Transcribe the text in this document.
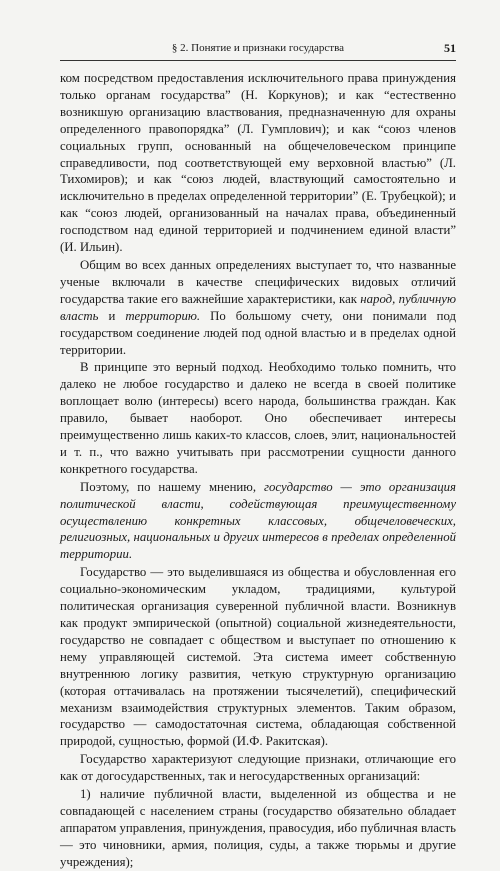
§ 2. Понятие и признаки государства	51

ком посредством предоставления исключительного права принуждения только органам государства” (Н. Коркунов); и как “естественно возникшую организацию властвования, предназначенную для охраны определенного правопорядка” (Л. Гумплович); и как “союз членов социальных групп, основанный на общечеловеческом принципе справедливости, под соответствующей ему верховной властью” (Л. Тихомиров); и как “союз людей, властвующий самостоятельно и исключительно в пределах определенной территории” (Е. Трубецкой); и как “союз людей, организованный на началах права, объединенный господством над единой территорией и подчинением единой власти” (И. Ильин).

Общим во всех данных определениях выступает то, что названные ученые включали в качестве специфических видовых отличий государства такие его важнейшие характеристики, как народ, публичную власть и территорию. По большому счету, они понимали под государством соединение людей под одной властью и в пределах одной территории.

В принципе это верный подход. Необходимо только помнить, что далеко не любое государство и далеко не всегда в своей политике воплощает волю (интересы) всего народа, большинства граждан. Как правило, бывает наоборот. Оно обеспечивает интересы преимущественно лишь каких-то классов, слоев, элит, национальностей и т. п., что важно учитывать при рассмотрении сущности данного конкретного государства.

Поэтому, по нашему мнению, государство — это организация политической власти, содействующая преимущественному осуществлению конкретных классовых, общечеловеческих, религиозных, национальных и других интересов в пределах определенной территории.

Государство — это выделившаяся из общества и обусловленная его социально-экономическим укладом, традициями, культурой политическая организация суверенной публичной власти. Возникнув как продукт эмпирической (опытной) социальной жизнедеятельности, государство не совпадает с обществом и выступает по отношению к нему управляющей системой. Эта система имеет собственную внутреннюю логику развития, четкую структурную организацию (которая оттачивалась на протяжении тысячелетий), специфический механизм взаимодействия структурных элементов. Таким образом, государство — самодостаточная система, обладающая собственной природой, сущностью, формой (И.Ф. Ракитская).

Государство характеризуют следующие признаки, отличающие его как от догосударственных, так и негосударственных организаций:

1) наличие публичной власти, выделенной из общества и не совпадающей с населением страны (государство обязательно обладает аппаратом управления, принуждения, правосудия, ибо публичная власть — это чиновники, армия, полиция, суды, а также тюрьмы и другие учреждения);
